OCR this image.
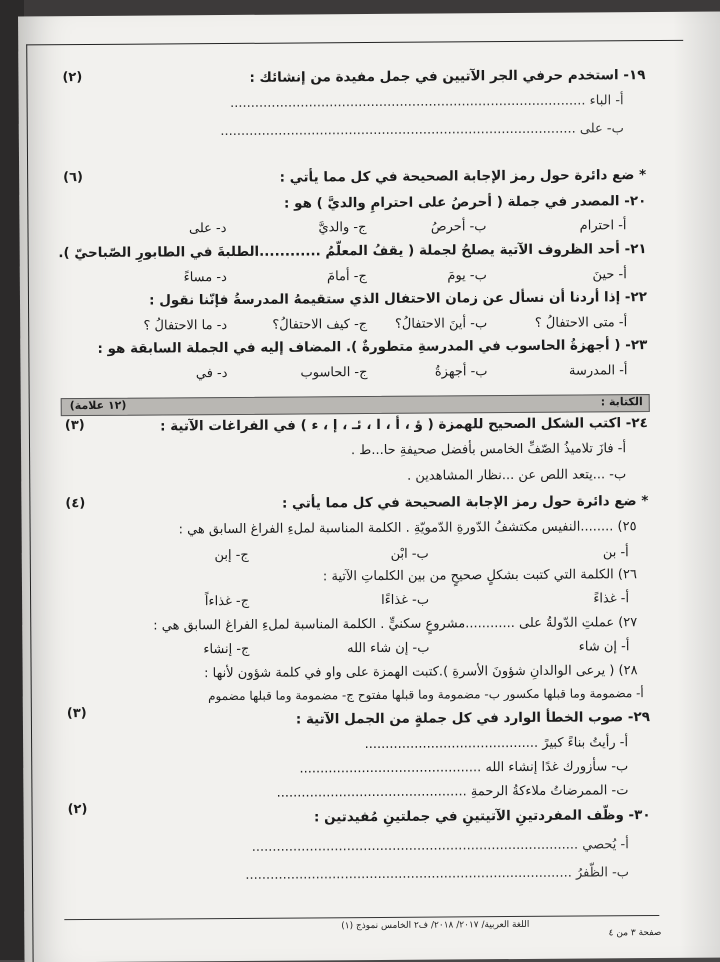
١٩- استخدم حرفي الجر الآتيين في جمل مفيدة من إنشائك :
(٢)
أ- الباء ......................................................................................
ب- على ......................................................................................
* ضع دائرة حول رمز الإجابة الصحيحة في كل مما يأتي :
(٦)
٢٠- المصدر في جملة ( أحرصُ على احترامِ والديَّ ) هو :
أ- احترام
ب- أحرصُ
ج- والديَّ
د- على
٢١- أحد الظروف الآتية يصلحُ لجملة ( يقفُ المعلّمُ ............الطلبةَ في الطابورِ الصّباحيّ ).
أ- حينَ
ب- يومَ
ج- أمامَ
د- مساءً
٢٢- إذا أردنا أن نسأل عن زمان الاحتفال الذي ستقيمهُ المدرسةُ فإنّنا نقول :
أ- متى الاحتفالُ ؟
ب- أينَ الاحتفالُ؟
ج- كيف الاحتفالُ؟
د- ما الاحتفالُ ؟
٢٣- ( أجهزةُ الحاسوب في المدرسةِ متطورةٌ ). المضاف إليه في الجملة السابقة هو :
أ- المدرسة
ب- أجهزةُ
ج- الحاسوب
د- في
الكتابة :
(١٢ علامة)
٢٤- اكتب الشكل الصحيح للهمزة ( ؤ ، أ ، ا ، ئـ ، إ ، ء ) في الفراغات الآتية :
(٣)
أ- فازَ تلاميذُ الصّفِّ الخامس بأفضل صحيفةِ حا...ط .
ب- ...يتعد اللص عن ...نظار المشاهدين .
* ضع دائرة حول رمز الإجابة الصحيحة في كل مما يأتي :
(٤)
٢٥) ........النفيس مكتشفُ الدّورةِ الدّمويّةِ . الكلمة المناسبة لملءِ الفراغ السابق هي :
أ- بن
ب- ابْن
ج- إبن
٢٦) الكلمة التي كتبت بشكلٍ صحيحٍ من بين الكلماتِ الآتية :
أ- غذاءً
ب- غذاءًا
ج- غذاءاً
٢٧) عملتِ الدّولةُ على ............مشروعٍ سكنيٍّ . الكلمة المناسبة لملءِ الفراغ السابق هي :
أ- إن شاء
ب- إن شاء الله
ج- إنشاء
٢٨) ( يرعى الوالدانِ شؤونَ الأسرةِ ).كتبت الهمزة على واو في كلمة شؤون لأنها :
أ- مضمومة وما قبلها مكسور ب- مضمومة وما قبلها مفتوح ج- مضمومة وما قبلها مضموم
٢٩- صوب الخطأ الوارد في كل جملةٍ من الجمل الآتية :
(٣)
أ- رأيتُ بناءً كبيرً ..........................................
ب- سأزورك غدًا إنشاء الله ............................................
ت- الممرضاتُ ملاءكةُ الرحمةِ ..............................................
٣٠- وظّف المفردتينِ الآتيتينِ في جملتينِ مُفيدتين :
(٢)
أ- يُحصي ...............................................................................
ب- الظّفرُ ...............................................................................
اللغة العربية/ ٢٠١٧/ ٢٠١٨/ ف٢ الخامس نموذج (١)
صفحة ٣ من ٤
